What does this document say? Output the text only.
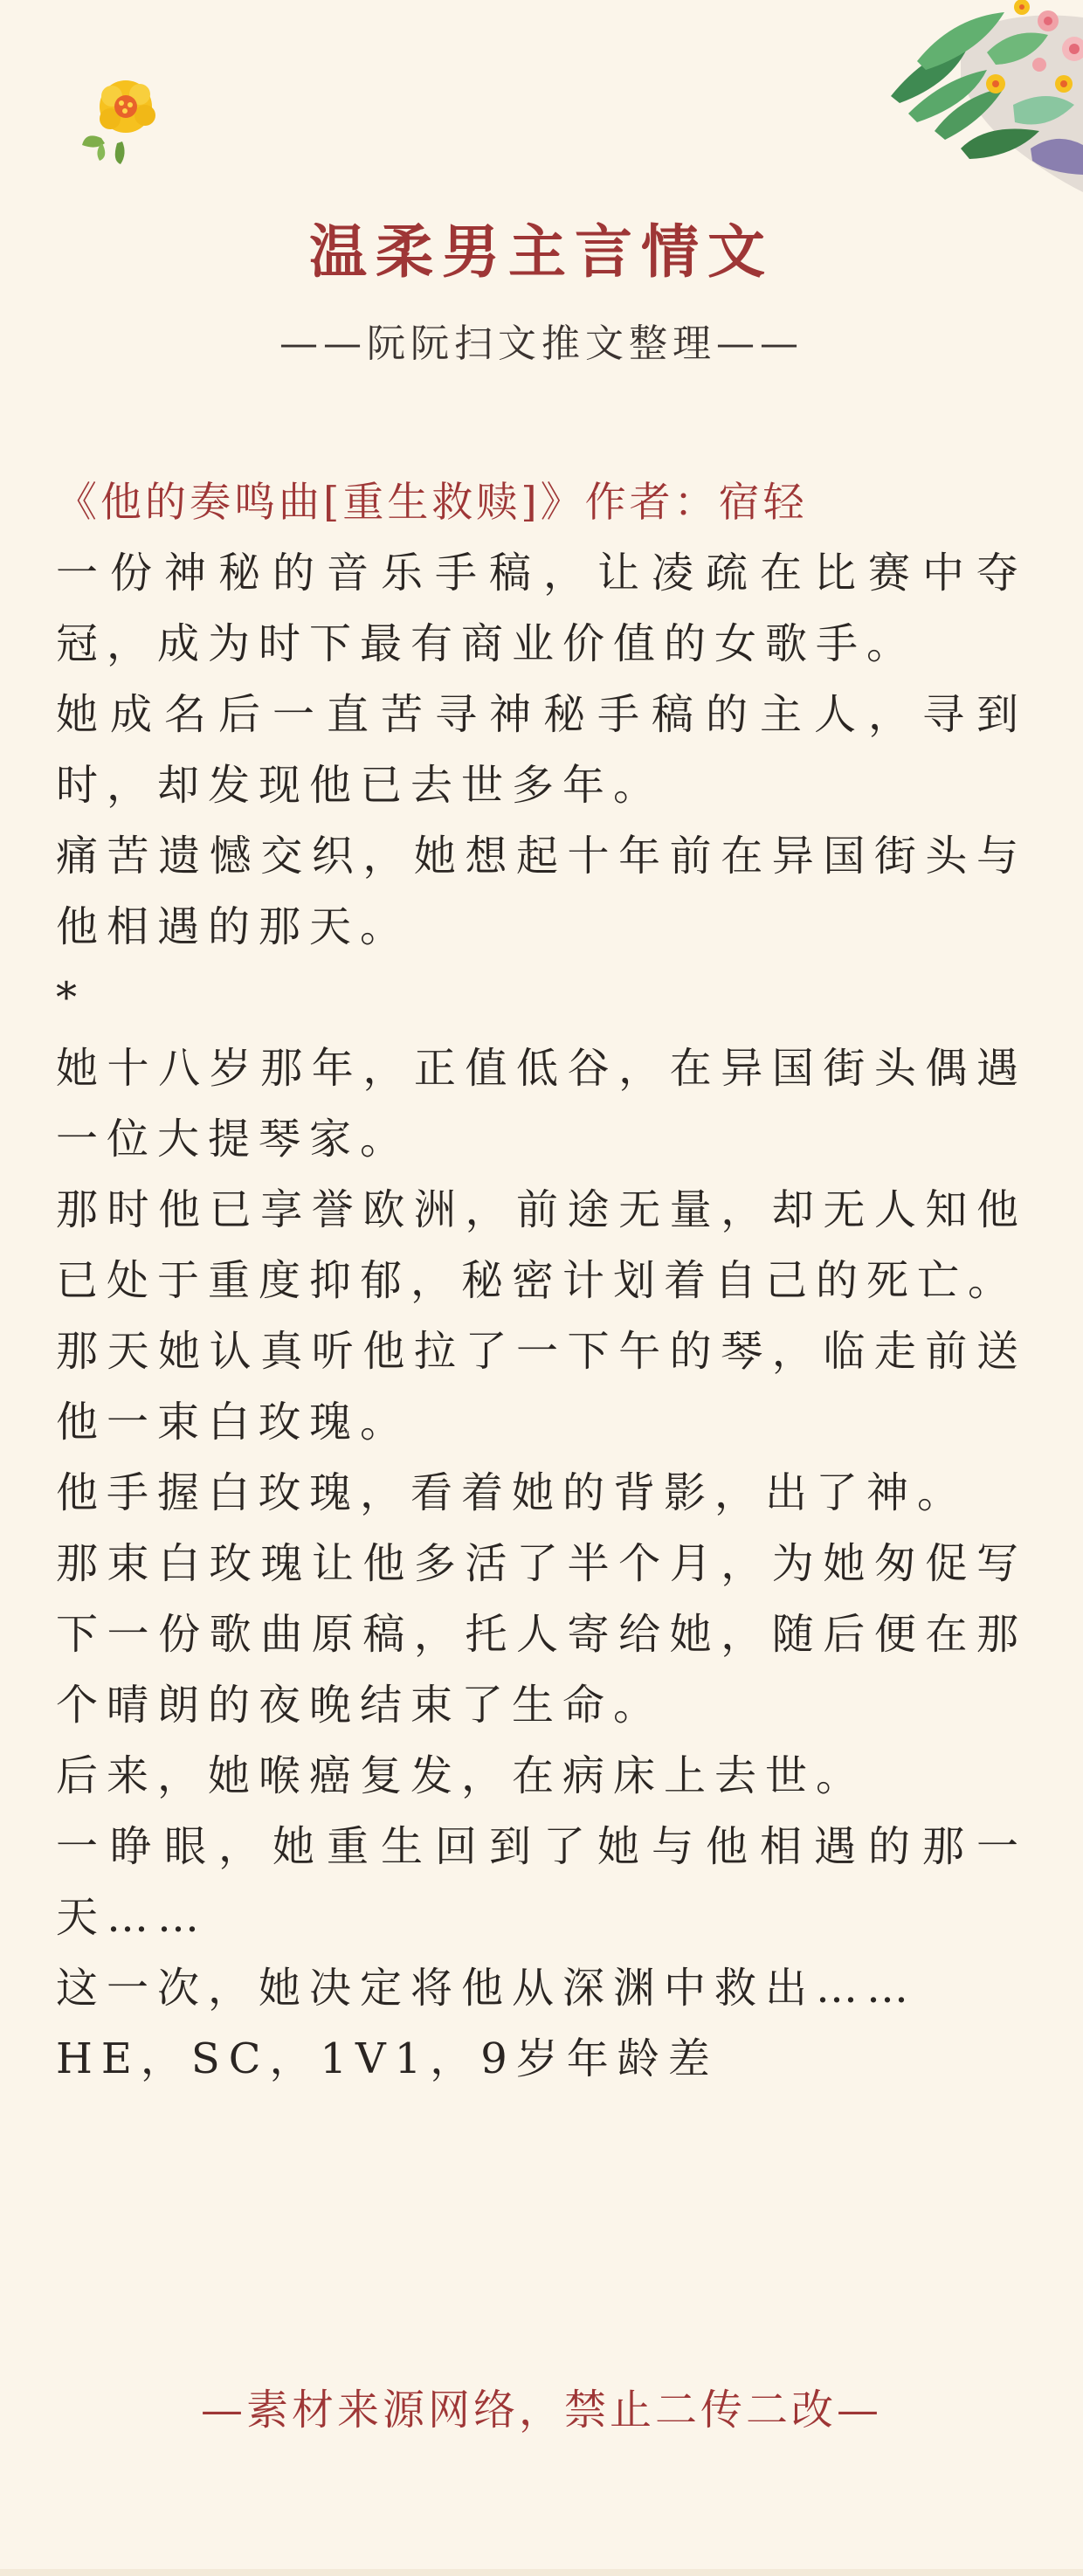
温柔男主言情文
——阮阮扫文推文整理——

《他的奏鸣曲[重生救赎]》作者：宿轻

一份神秘的音乐手稿，让凌疏在比赛中夺冠，成为时下最有商业价值的女歌手。

她成名后一直苦寻神秘手稿的主人，寻到时，却发现他已去世多年。

痛苦遗憾交织，她想起十年前在异国街头与他相遇的那天。

*

她十八岁那年，正值低谷，在异国街头偶遇一位大提琴家。

那时他已享誉欧洲，前途无量，却无人知他已处于重度抑郁，秘密计划着自己的死亡。

那天她认真听他拉了一下午的琴，临走前送他一束白玫瑰。

他手握白玫瑰，看着她的背影，出了神。

那束白玫瑰让他多活了半个月，为她匆促写下一份歌曲原稿，托人寄给她，随后便在那个晴朗的夜晚结束了生命。

后来，她喉癌复发，在病床上去世。

一睁眼，她重生回到了她与他相遇的那一天……

这一次，她决定将他从深渊中救出……

HE，SC，1V1，9岁年龄差

—素材来源网络，禁止二传二改—
